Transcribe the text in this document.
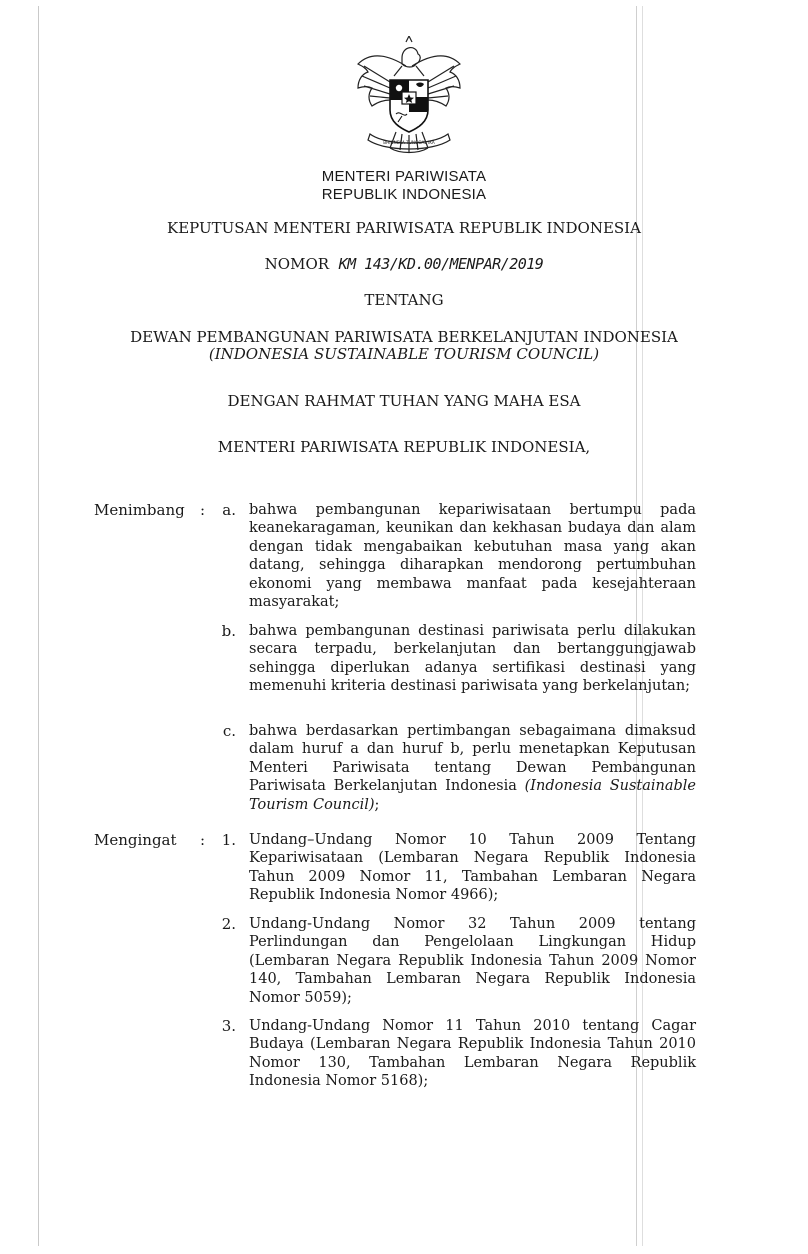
BHINNEKA TUNGGAL IKA
MENTERI PARIWISATA
REPUBLIK INDONESIA
KEPUTUSAN MENTERI PARIWISATA REPUBLIK INDONESIA
NOMOR KM 143/KD.00/MENPAR/2019
TENTANG
DEWAN PEMBANGUNAN PARIWISATA BERKELANJUTAN INDONESIA
(INDONESIA SUSTAINABLE TOURISM COUNCIL)
DENGAN RAHMAT TUHAN YANG MAHA ESA
MENTERI PARIWISATA REPUBLIK INDONESIA,
Menimbang :	a. bahwa pembangunan kepariwisataan bertumpu pada keanekaragaman, keunikan dan kekhasan budaya dan alam dengan tidak mengabaikan kebutuhan masa yang akan datang, sehingga diharapkan mendorong pertumbuhan ekonomi yang membawa manfaat pada kesejahteraan masyarakat;
b. bahwa pembangunan destinasi pariwisata perlu dilakukan secara terpadu, berkelanjutan dan bertanggungjawab sehingga diperlukan adanya sertifikasi destinasi yang memenuhi kriteria destinasi pariwisata yang berkelanjutan;
c. bahwa berdasarkan pertimbangan sebagaimana dimaksud dalam huruf a dan huruf b, perlu menetapkan Keputusan Menteri Pariwisata tentang Dewan Pembangunan Pariwisata Berkelanjutan Indonesia (Indonesia Sustainable Tourism Council);
Mengingat :	1. Undang–Undang Nomor 10 Tahun 2009 Tentang Kepariwisataan (Lembaran Negara Republik Indonesia Tahun 2009 Nomor 11, Tambahan Lembaran Negara Republik Indonesia Nomor 4966);
2. Undang-Undang Nomor 32 Tahun 2009 tentang Perlindungan dan Pengelolaan Lingkungan Hidup (Lembaran Negara Republik Indonesia Tahun 2009 Nomor 140, Tambahan Lembaran Negara Republik Indonesia Nomor 5059);
3. Undang-Undang Nomor 11 Tahun 2010 tentang Cagar Budaya (Lembaran Negara Republik Indonesia Tahun 2010 Nomor 130, Tambahan Lembaran Negara Republik Indonesia Nomor 5168);
